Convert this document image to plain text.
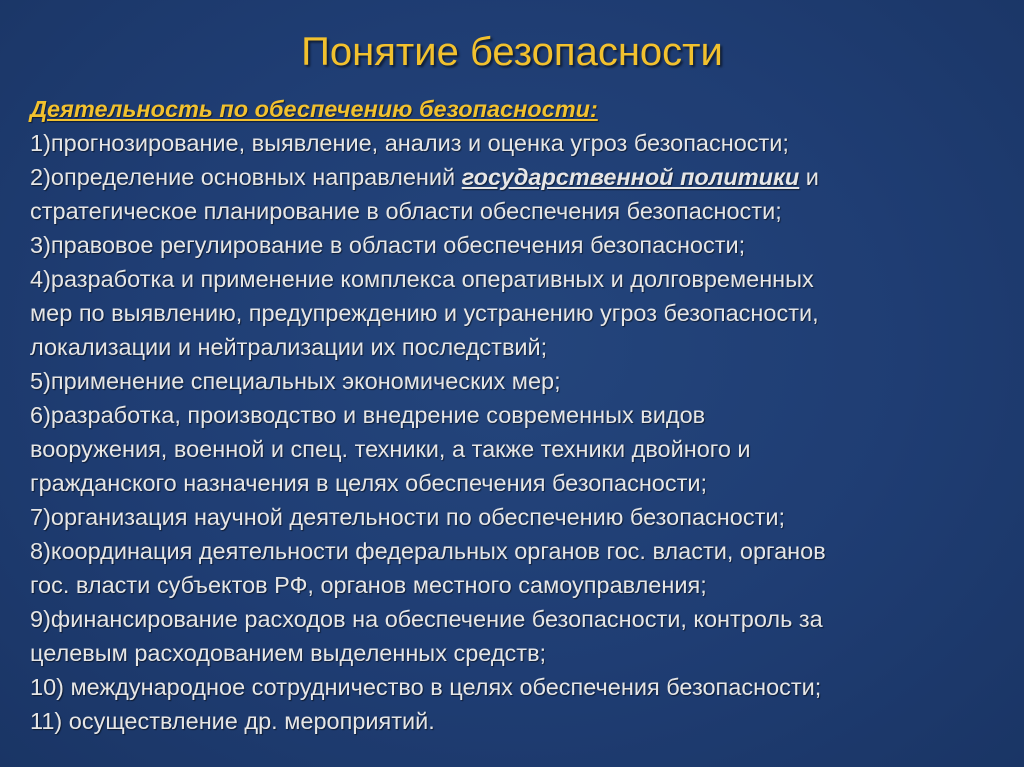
Понятие безопасности
Деятельность по обеспечению безопасности:
1)прогнозирование, выявление, анализ и оценка угроз безопасности;
2)определение основных направлений государственной политики и
стратегическое планирование в области обеспечения безопасности;
3)правовое регулирование в области обеспечения безопасности;
4)разработка и применение комплекса оперативных и долговременных
мер по выявлению, предупреждению и устранению угроз безопасности,
локализации и нейтрализации их последствий;
5)применение специальных экономических мер;
6)разработка, производство и внедрение современных видов
вооружения, военной и спец. техники, а также техники двойного и
гражданского назначения в целях обеспечения безопасности;
7)организация научной деятельности по обеспечению безопасности;
8)координация деятельности федеральных органов гос. власти, органов
гос. власти субъектов РФ, органов местного самоуправления;
9)финансирование расходов на обеспечение безопасности, контроль за
целевым расходованием выделенных средств;
10) международное сотрудничество в целях обеспечения безопасности;
11) осуществление др. мероприятий.
